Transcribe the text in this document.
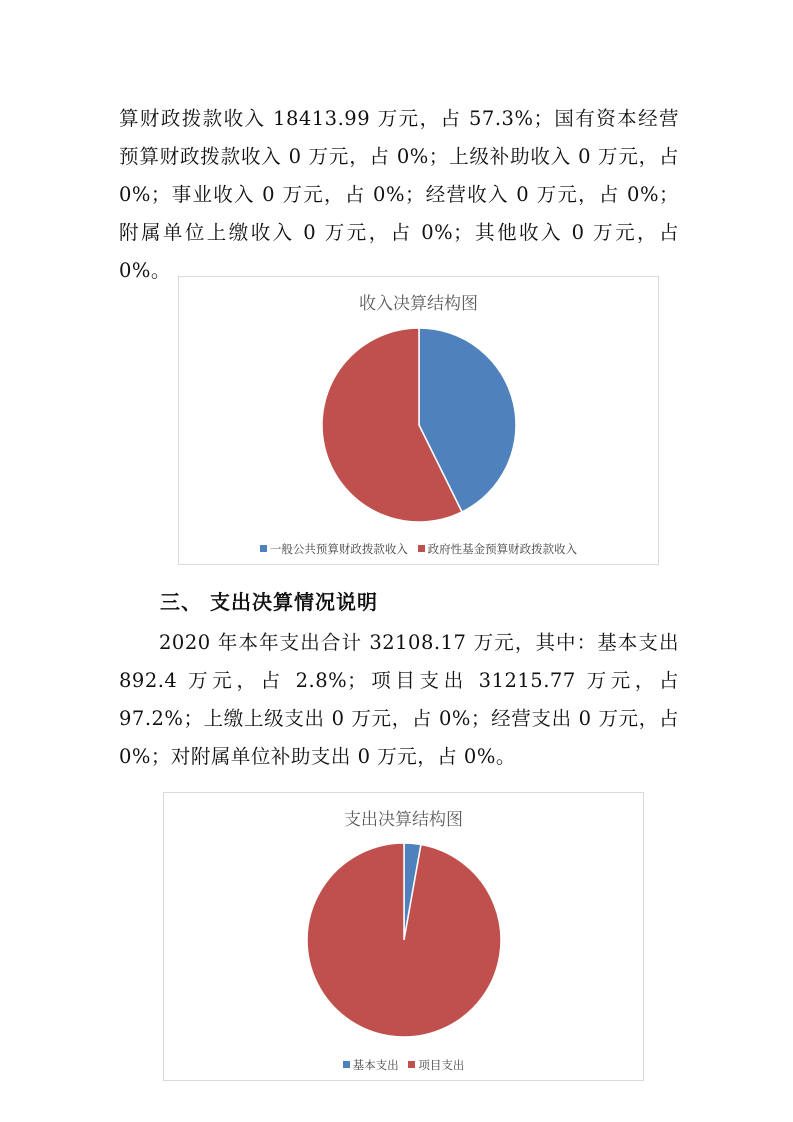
算财政拨款收入 18413.99 万元，占 57.3%；国有资本经营预算财政拨款收入 0 万元，占 0%；上级补助收入 0 万元，占 0%；事业收入 0 万元，占 0%；经营收入 0 万元，占 0%；附属单位上缴收入 0 万元，占 0%；其他收入 0 万元，占 0%。
收入决算结构图
一般公共预算财政拨款收入 政府性基金预算财政拨款收入
三、 支出决算情况说明
2020 年本年支出合计 32108.17 万元，其中：基本支出 892.4 万元，占 2.8%；项目支出 31215.77 万元，占 97.2%；上缴上级支出 0 万元，占 0%；经营支出 0 万元，占 0%；对附属单位补助支出 0 万元，占 0%。
支出决算结构图
基本支出 项目支出
